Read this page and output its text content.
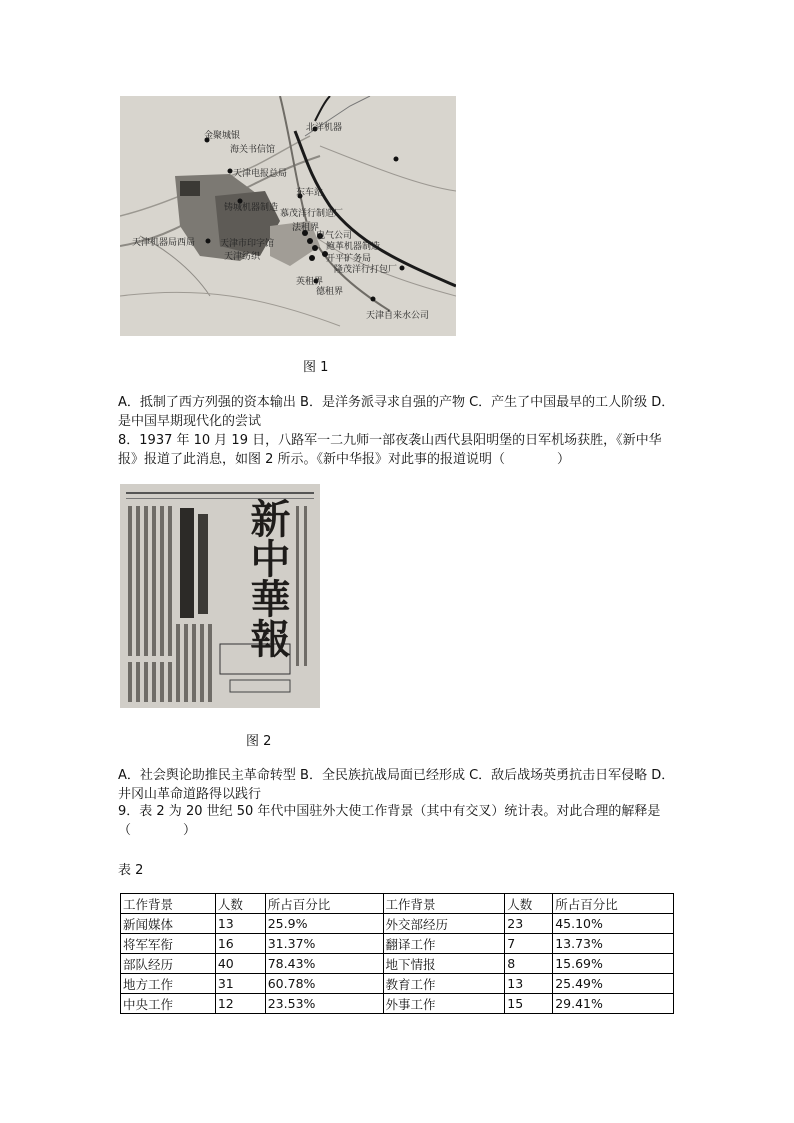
北洋机器
金聚城银
海关书信馆
天津电报总局
东车站
铸城机器制造
慕茂洋行制造厂
法租界
天津机器局西局	天津市印字馆
天津纺织
电气公司
鲍革机器制造
开平矿务局
隆茂洋行打包厂
英租界
德租界
天津自来水公司
图 1
A．抵制了西方列强的资本输出 B．是洋务派寻求自强的产物 C．产生了中国最早的工人阶级 D．是中国早期现代化的尝试
8．1937 年 10 月 19 日，八路军一二九师一部夜袭山西代县阳明堡的日军机场获胜，《新中华报》报道了此消息，如图 2 所示。《新中华报》对此事的报道说明（　　　　）
新中華報
图 2
A．社会舆论助推民主革命转型 B．全民族抗战局面已经形成 C．敌后战场英勇抗击日军侵略 D．井冈山革命道路得以践行
9．表 2 为 20 世纪 50 年代中国驻外大使工作背景（其中有交叉）统计表。对此合理的解释是（　　　　）
表 2
工作背景	人数	所占百分比	工作背景	人数	所占百分比
新闻媒体	13	25.9%	外交部经历	23	45.10%
将军军衔	16	31.37%	翻译工作	7	13.73%
部队经历	40	78.43%	地下情报	8	15.69%
地方工作	31	60.78%	教育工作	13	25.49%
中央工作	12	23.53%	外事工作	15	29.41%
